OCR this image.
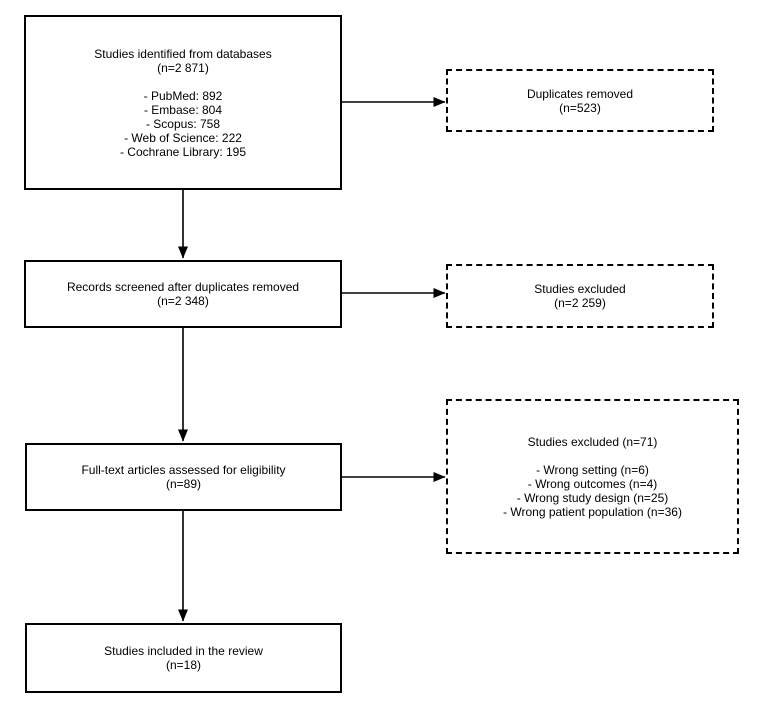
Studies identified from databases
(n=2 871)
- PubMed: 892
- Embase: 804
- Scopus: 758
- Web of Science: 222
- Cochrane Library: 195
Duplicates removed
(n=523)
Records screened after duplicates removed
(n=2 348)
Studies excluded
(n=2 259)
Full-text articles assessed for eligibility
(n=89)
Studies excluded (n=71)
- Wrong setting (n=6)
- Wrong outcomes (n=4)
- Wrong study design (n=25)
- Wrong patient population (n=36)
Studies included in the review
(n=18)
